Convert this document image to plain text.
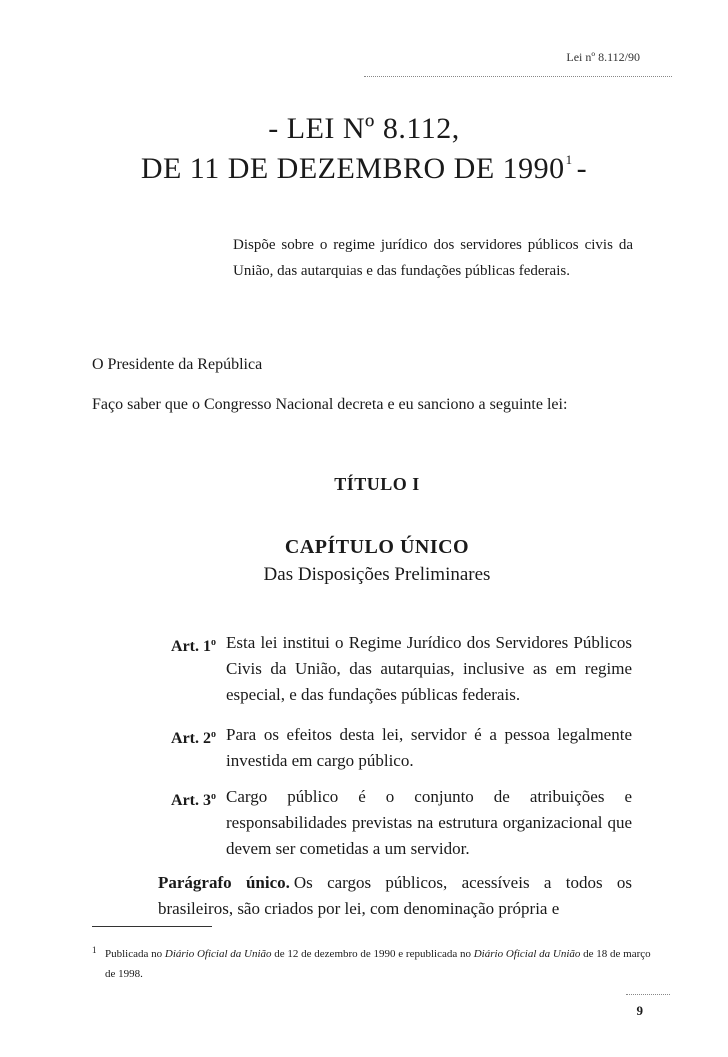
Lei nº 8.112/90
- LEI Nº 8.112,
DE 11 DE DEZEMBRO DE 1990$^1$ -
Dispõe sobre o regime jurídico dos servidores públicos civis da União, das autarquias e das fundações públicas federais.
O Presidente da República
Faço saber que o Congresso Nacional decreta e eu sanciono a seguinte lei:
TÍTULO I
CAPÍTULO ÚNICO
Das Disposições Preliminares
Art. 1$^o$ Esta lei institui o Regime Jurídico dos Servidores Públicos Civis da União, das autarquias, inclusive as em regime especial, e das fundações públicas federais.
Art. 2$^o$ Para os efeitos desta lei, servidor é a pessoa legalmente investida em cargo público.
Art. 3$^o$ Cargo público é o conjunto de atribuições e responsabilidades previstas na estrutura organizacional que devem ser cometidas a um servidor.
Parágrafo único. Os cargos públicos, acessíveis a todos os brasileiros, são criados por lei, com denominação própria e
1 Publicada no Diário Oficial da União de 12 de dezembro de 1990 e republicada no Diário Oficial da União de 18 de março de 1998.
9
